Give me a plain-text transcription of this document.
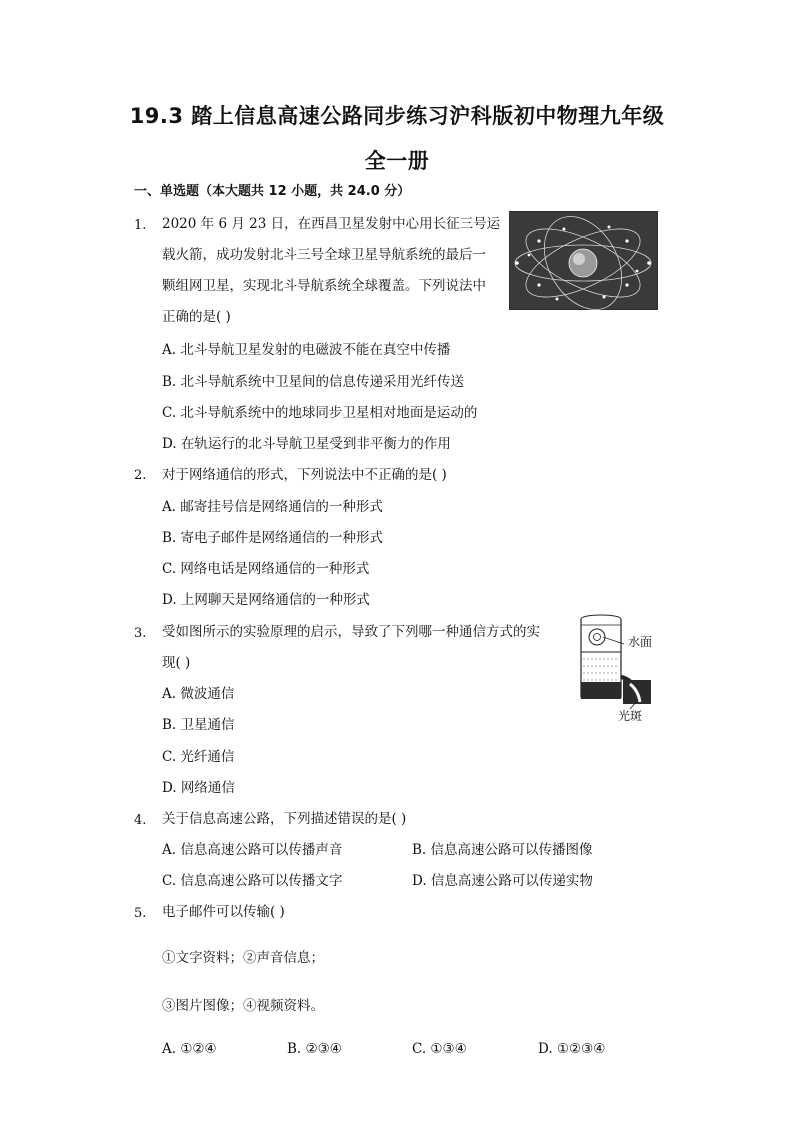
19.3 踏上信息高速公路同步练习沪科版初中物理九年级
全一册
一、单选题（本大题共 12 小题，共 24.0 分）
1. 2020 年 6 月 23 日，在西昌卫星发射中心用长征三号运
载火箭，成功发射北斗三号全球卫星导航系统的最后一
颗组网卫星，实现北斗导航系统全球覆盖。下列说法中
正确的是( )
A. 北斗导航卫星发射的电磁波不能在真空中传播
B. 北斗导航系统中卫星间的信息传递采用光纤传送
C. 北斗导航系统中的地球同步卫星相对地面是运动的
D. 在轨运行的北斗导航卫星受到非平衡力的作用
2. 对于网络通信的形式，下列说法中不正确的是( )
A. 邮寄挂号信是网络通信的一种形式
B. 寄电子邮件是网络通信的一种形式
C. 网络电话是网络通信的一种形式
D. 上网聊天是网络通信的一种形式
3. 受如图所示的实验原理的启示，导致了下列哪一种通信方式的实
现( )
A. 微波通信
B. 卫星通信
C. 光纤通信
D. 网络通信
水面
光斑
4. 关于信息高速公路，下列描述错误的是( )
A. 信息高速公路可以传播声音	B. 信息高速公路可以传播图像
C. 信息高速公路可以传播文字	D. 信息高速公路可以传递实物
5. 电子邮件可以传输( )
①文字资料；②声音信息；
③图片图像；④视频资料。
A. ①②④	B. ②③④	C. ①③④	D. ①②③④
